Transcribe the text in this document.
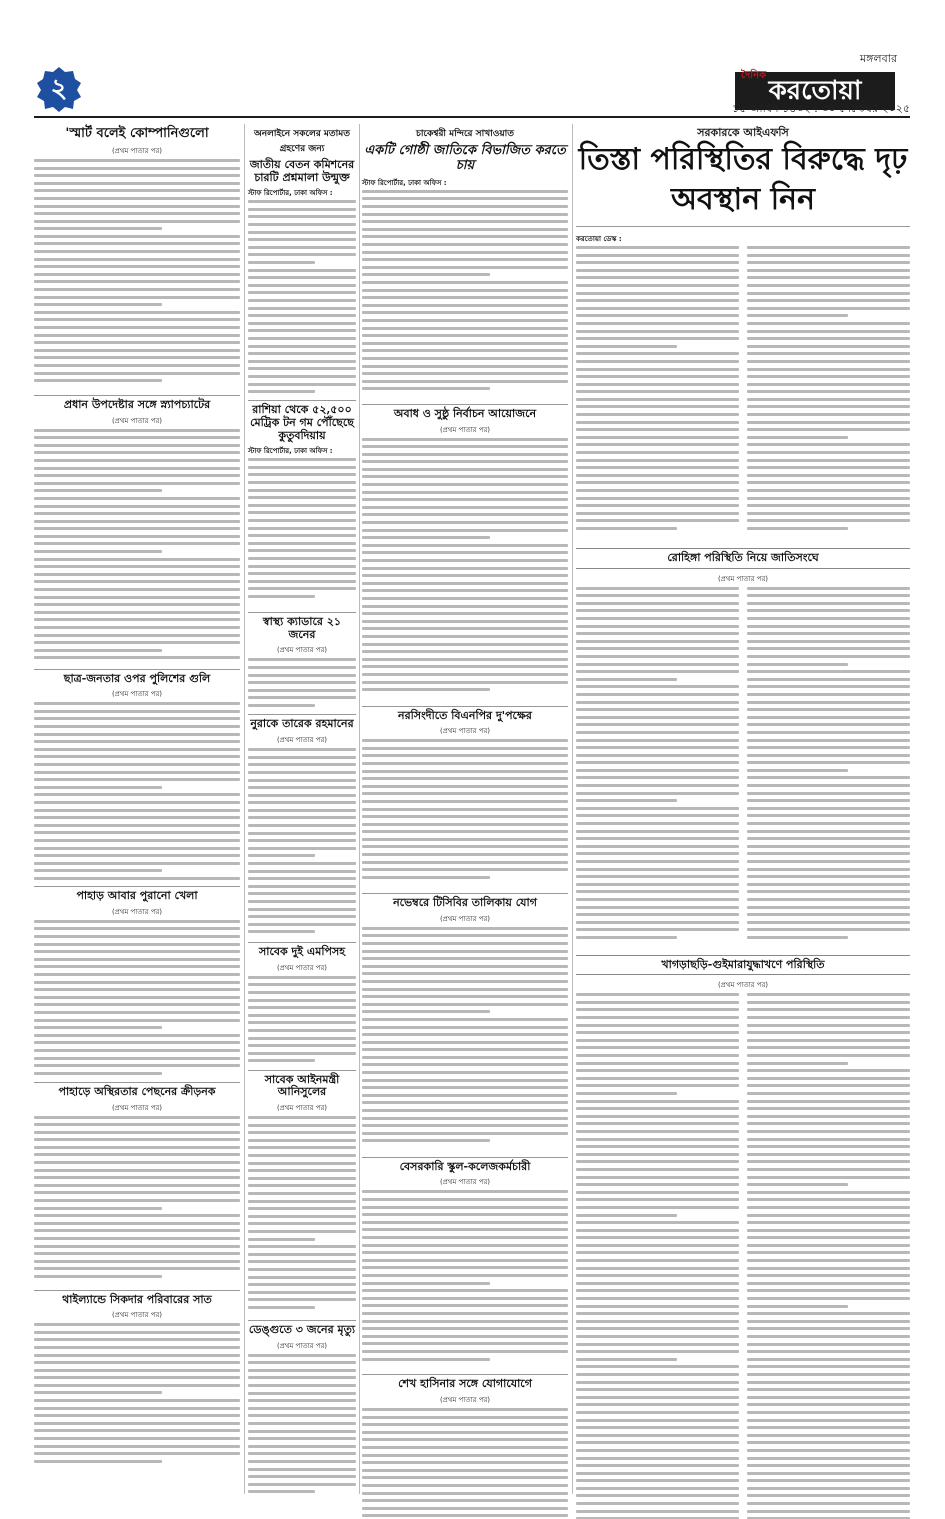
২
মঙ্গলবার
করতোয়া
দৈনিক
১৫ আশ্বিন ১৪৩২ : ৩০ সেপ্টেম্বর ২০২৫
'স্মার্ট বলেই কোম্পানিগুলো
(প্রথম পাতার পর)
প্রধান উপদেষ্টার সঙ্গে স্ন্যাপচ্যাটের
(প্রথম পাতার পর)
ছাত্র-জনতার ওপর পুলিশের গুলি
(প্রথম পাতার পর)
পাহাড় আবার পুরানো খেলা
(প্রথম পাতার পর)
পাহাড়ে অস্থিরতার পেছনের ক্রীড়নক
(প্রথম পাতার পর)
থাইল্যান্ডে সিকদার পরিবারের সাত
(প্রথম পাতার পর)
অনলাইনে সকলের মতামত গ্রহণের জন্য
জাতীয় বেতন কমিশনের চারটি প্রশ্নমালা উন্মুক্ত
স্টাফ রিপোর্টার, ঢাকা অফিস :
রাশিয়া থেকে ৫২,৫০০ মেট্রিক টন গম পৌঁছেছে কুতুবদিয়ায়
স্টাফ রিপোর্টার, ঢাকা অফিস :
স্বাস্থ্য ক্যাডারে ২১ জনের
(প্রথম পাতার পর)
নুরাকে তারেক রহমানের
(প্রথম পাতার পর)
সাবেক দুই এমপিসহ
(প্রথম পাতার পর)
সাবেক আইনমন্ত্রী আনিসুলের
(প্রথম পাতার পর)
ডেঙ্গুতে ৩ জনের মৃত্যু
(প্রথম পাতার পর)
চাকেশ্বরী মন্দিরে সাখাওয়াত
একটি গোষ্ঠী জাতিকে বিভাজিত করতে চায়
স্টাফ রিপোর্টার, ঢাকা অফিস :
অবাধ ও সুষ্ঠু নির্বাচন আয়োজনে
(প্রথম পাতার পর)
নরসিংদীতে বিএনপির দু'পক্ষের
(প্রথম পাতার পর)
নভেম্বরে টিসিবির তালিকায় যোগ
(প্রথম পাতার পর)
বেসরকারি স্কুল-কলেজকর্মচারী
(প্রথম পাতার পর)
শেখ হাসিনার সঙ্গে যোগাযোগে
(প্রথম পাতার পর)
সরকারকে আইএফসি
তিস্তা পরিস্থিতির বিরুদ্ধে দৃঢ় অবস্থান নিন
করতোয়া ডেস্ক :
রোহিঙ্গা পরিস্থিতি নিয়ে জাতিসংঘে
(প্রথম পাতার পর)
খাগড়াছড়ি-গুইমারাযুদ্ধাখণে পরিস্থিতি
(প্রথম পাতার পর)
